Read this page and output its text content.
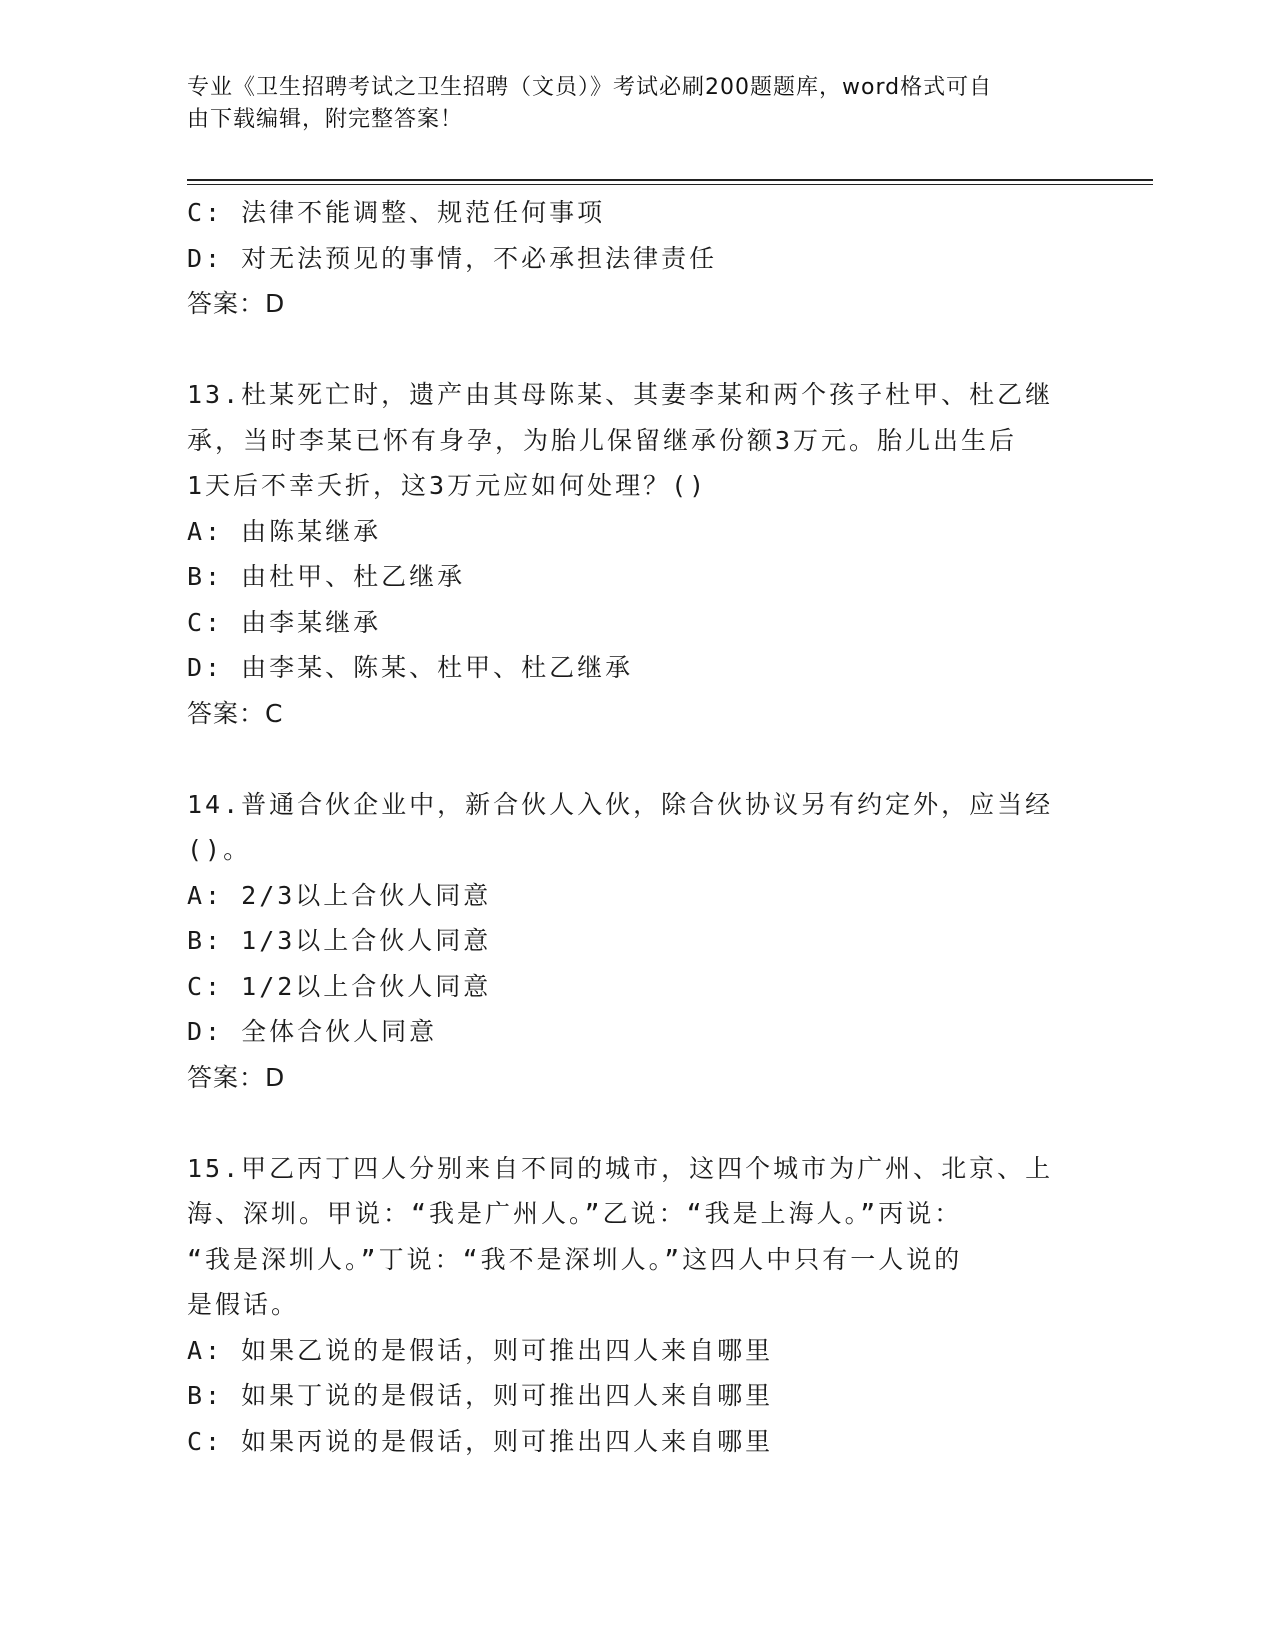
专业《卫生招聘考试之卫生招聘（文员）》考试必刷200题题库，word格式可自
由下载编辑，附完整答案！
C: 法律不能调整、规范任何事项
D: 对无法预见的事情，不必承担法律责任
答案：D
13.杜某死亡时，遗产由其母陈某、其妻李某和两个孩子杜甲、杜乙继
承，当时李某已怀有身孕，为胎儿保留继承份额3万元。胎儿出生后
1天后不幸夭折，这3万元应如何处理？()
A: 由陈某继承
B: 由杜甲、杜乙继承
C: 由李某继承
D: 由李某、陈某、杜甲、杜乙继承
答案：C
14.普通合伙企业中，新合伙人入伙，除合伙协议另有约定外，应当经
()。
A: 2/3以上合伙人同意
B: 1/3以上合伙人同意
C: 1/2以上合伙人同意
D: 全体合伙人同意
答案：D
15.甲乙丙丁四人分别来自不同的城市，这四个城市为广州、北京、上
海、深圳。甲说：“我是广州人。”乙说：“我是上海人。”丙说：
“我是深圳人。”丁说：“我不是深圳人。”这四人中只有一人说的
是假话。
A: 如果乙说的是假话，则可推出四人来自哪里
B: 如果丁说的是假话，则可推出四人来自哪里
C: 如果丙说的是假话，则可推出四人来自哪里
